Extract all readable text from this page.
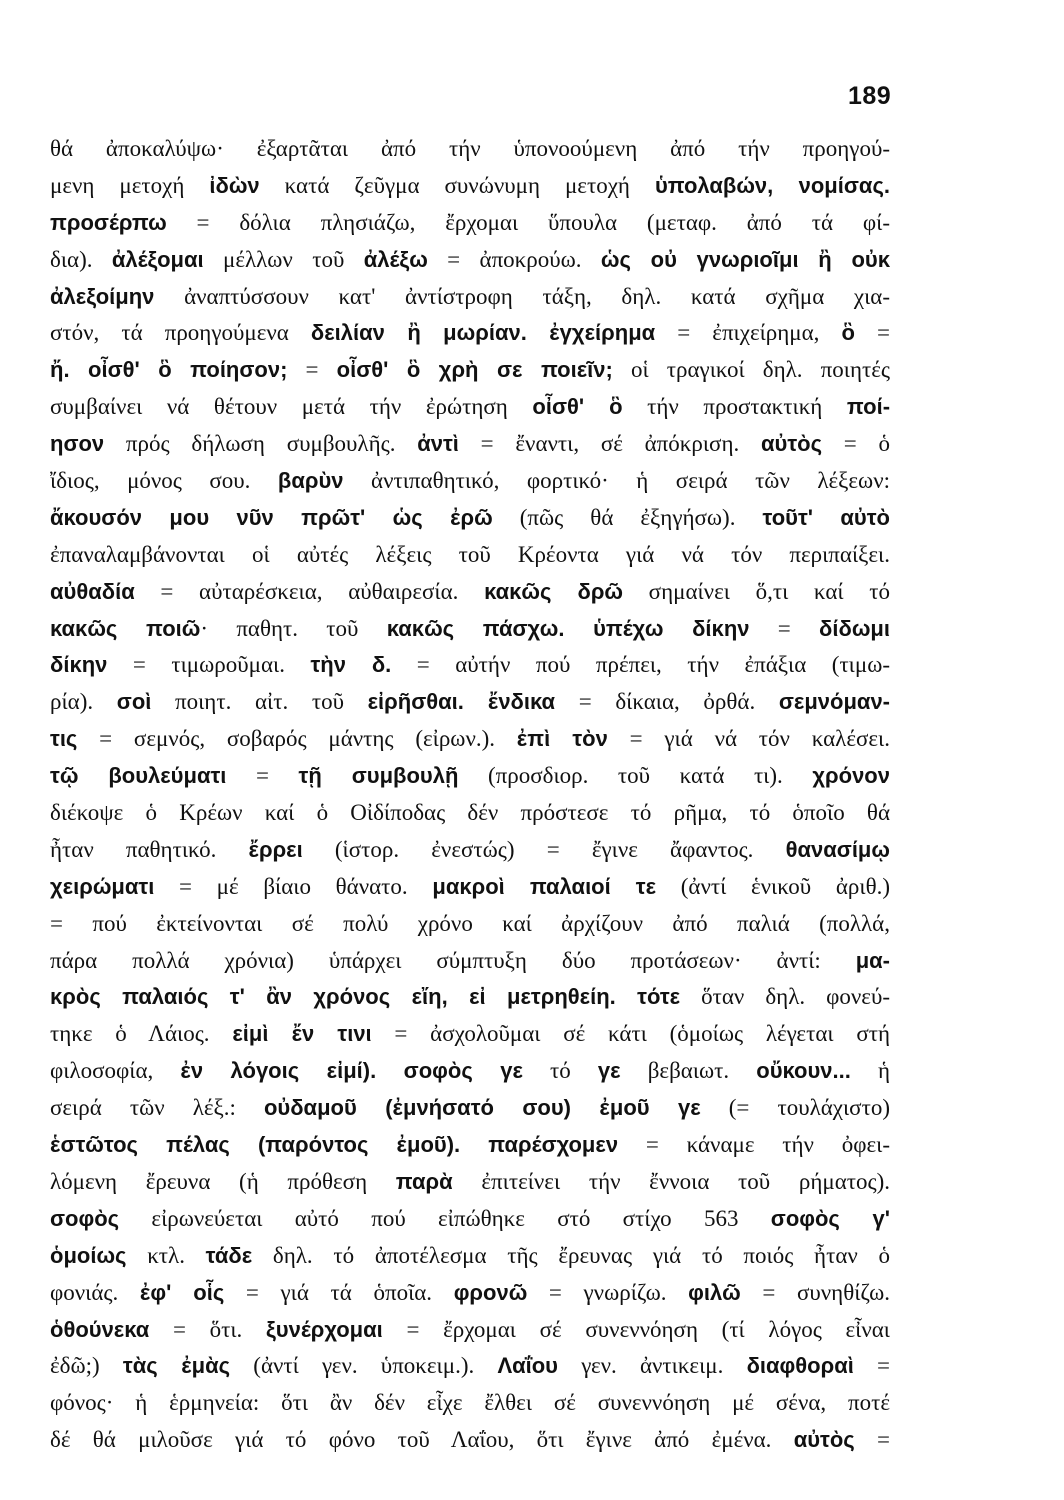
189
θά ἀποκαλύψω· ἐξαρτᾶται ἀπό τήν ὑπονοούμενη ἀπό τήν προηγού-
μενη μετοχή ἰδὼν κατά ζεῦγμα συνώνυμη μετοχή ὑπολαβών, νομίσας.
προσέρπω = δόλια πλησιάζω, ἔρχομαι ὕπουλα (μεταφ. ἀπό τά φί-
δια). ἀλέξομαι μέλλων τοῦ ἀλέξω = ἀποκρούω. ὡς οὐ γνωριοῖμι ἢ οὐκ
ἀλεξοίμην ἀναπτύσσουν κατ' ἀντίστροφη τάξη, δηλ. κατά σχῆμα χια-
στόν, τά προηγούμενα δειλίαν ἢ μωρίαν. ἐγχείρημα = ἐπιχείρημα, ὃ =
ἤ. οἶσθ' ὃ ποίησον; = οἶσθ' ὃ χρὴ σε ποιεῖν; οἱ τραγικοί δηλ. ποιητές
συμβαίνει νά θέτουν μετά τήν ἐρώτηση οἶσθ' ὃ τήν προστακτική ποί-
ησον πρός δήλωση συμβουλῆς. ἀντὶ = ἔναντι, σέ ἀπόκριση. αὐτὸς = ὁ
ἴδιος, μόνος σου. βαρὺν ἀντιπαθητικό, φορτικό· ἡ σειρά τῶν λέξεων:
ἄκουσόν μου νῦν πρῶτ' ὡς ἐρῶ (πῶς θά ἐξηγήσω). τοῦτ' αὐτὸ
ἐπαναλαμβάνονται οἱ αὐτές λέξεις τοῦ Κρέοντα γιά νά τόν περιπαίξει.
αὐθαδία = αὐταρέσκεια, αὐθαιρεσία. κακῶς δρῶ σημαίνει ὅ,τι καί τό
κακῶς ποιῶ· παθητ. τοῦ κακῶς πάσχω. ὑπέχω δίκην = δίδωμι
δίκην = τιμωροῦμαι. τὴν δ. = αὐτήν πού πρέπει, τήν ἐπάξια (τιμω-
ρία). σοὶ ποιητ. αἰτ. τοῦ εἰρῆσθαι. ἔνδικα = δίκαια, ὀρθά. σεμνόμαν-
τις = σεμνός, σοβαρός μάντης (εἰρων.). ἐπὶ τὸν = γιά νά τόν καλέσει.
τῷ βουλεύματι = τῇ συμβουλῇ (προσδιορ. τοῦ κατά τι). χρόνον
διέκοψε ὁ Κρέων καί ὁ Οἰδίποδας δέν πρόστεσε τό ρῆμα, τό ὁποῖο θά
ἦταν παθητικό. ἔρρει (ἱστορ. ἐνεστώς) = ἔγινε ἄφαντος. θανασίμῳ
χειρώματι = μέ βίαιο θάνατο. μακροὶ παλαιοί τε (ἀντί ἑνικοῦ ἀριθ.)
= πού ἐκτείνονται σέ πολύ χρόνο καί ἀρχίζουν ἀπό παλιά (πολλά,
πάρα πολλά χρόνια) ὑπάρχει σύμπτυξη δύο προτάσεων· ἀντί: μα-
κρὸς παλαιός τ' ἂν χρόνος εἴη, εἰ μετρηθείη. τότε ὅταν δηλ. φονεύ-
τηκε ὁ Λάιος. εἰμὶ ἔν τινι = ἀσχολοῦμαι σέ κάτι (ὁμοίως λέγεται στή
φιλοσοφία, ἐν λόγοις εἰμί). σοφὸς γε τό γε βεβαιωτ. οὔκουν... ἡ
σειρά τῶν λέξ.: οὐδαμοῦ (ἐμνήσατό σου) ἐμοῦ γε (= τουλάχιστο)
ἑστῶτος πέλας (παρόντος ἐμοῦ). παρέσχομεν = κάναμε τήν ὀφει-
λόμενη ἔρευνα (ἡ πρόθεση παρὰ ἐπιτείνει τήν ἔννοια τοῦ ρήματος).
σοφὸς εἰρωνεύεται αὐτό πού εἰπώθηκε στό στίχο 563 σοφὸς γ'
ὁμοίως κτλ. τάδε δηλ. τό ἀποτέλεσμα τῆς ἔρευνας γιά τό ποιός ἦταν ὁ
φονιάς. ἐφ' οἷς = γιά τά ὁποῖα. φρονῶ = γνωρίζω. φιλῶ = συνηθίζω.
ὁθούνεκα = ὅτι. ξυνέρχομαι = ἔρχομαι σέ συνεννόηση (τί λόγος εἶναι
ἐδῶ;) τὰς ἐμὰς (ἀντί γεν. ὑποκειμ.). Λαΐου γεν. ἀντικειμ. διαφθοραὶ =
φόνος· ἡ ἑρμηνεία: ὅτι ἂν δέν εἶχε ἔλθει σέ συνεννόηση μέ σένα, ποτέ
δέ θά μιλοῦσε γιά τό φόνο τοῦ Λαΐου, ὅτι ἔγινε ἀπό ἐμένα. αὐτὸς =
